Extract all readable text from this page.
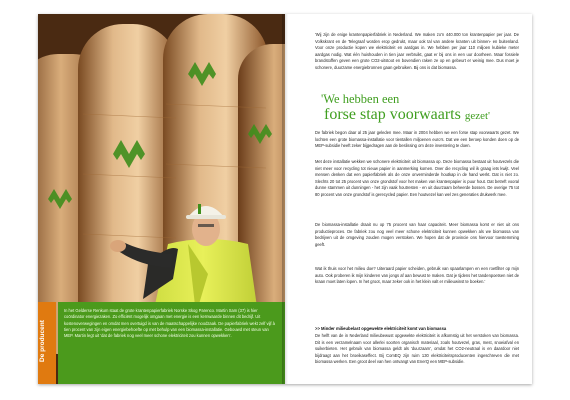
De producent

In het Gelderse Renkum staat de grote krantenpapierfabriek Norske Skog Parenco. Martin Sam (37) is hier coördinator energiezaken. Zo efficiënt mogelijk omgaan met energie is een kernwaarde binnen dit bedrijf. Uit kostenoverwegingen en omdat men overtuigd is van de maatschappelijke noodzaak. De papierfabriek wekt zelf vijf à tien procent van zijn eigen energiebehoefte op met behulp van een biomassa-installatie. Gebouwd met steun van MEP. Martin legt uit 'dat de fabriek nog veel meer schone elektriciteit zou kunnen opwekken'.

'Wij zijn de enige krantenpapierfabriek in Nederland. We maken zo'n 440.000 ton krantenpapier per jaar. De Volkskrant en de Telegraaf worden erop gedrukt, maar ook tal van andere kranten uit binnen- en buitenland. Voor onze productie kopen we elektriciteit en aardgas in. We hebben per jaar 110 miljoen kubieke meter aardgas nodig. Wat één huishouden in tien jaar verbruikt, gaat er bij ons in een uur doorheen. Maar fossiele brandstoffen geven een grote CO2-uitstoot en bovendien raken ze op en gebeurt er weinig mee. Dus moet je schonere, duurzame energiebronnen gaan gebruiken. Bij ons is dat biomassa.

'We hebben een
forse stap voorwaarts gezet'

De fabriek begon daar al 25 jaar geleden mee. Maar in 2004 hebben we een forse stap voorwaarts gezet. We lochten een grote biomassa-installatie voor tientallen miljoenen euro's. Dat we een beroep konden doen op de MEP-subsidie heeft zeker bijgedragen aan de beslissing om deze investering te doen.

Met deze installatie wekken we schonere elektriciteit uit biomassa op. Deze biomassa bestaat uit houtvezels die niet meer voor recycling tot nieuw papier in aanmerking komen. Over die recycling wil ik graag iets kwijt. Veel mensen denken dat een papierfabriek als de onze onverminderde houtkap in de hand werkt. Dat is niet zo. Slechts 20 tot 25 procent van onze grondstof voor het maken van krantenpapier is puur hout. Dat betreft vooral dunne stammen uit dunningen - het zijn vaak houtresten - en uit duurzaam beheerde bossen. De overige 75 tot 80 procent van onze grondstof is gerecycled papier. Een houtvezel kan wel zes generaties drukwerk mee.

De biomassa-installatie draait nu op 75 procent van haar capaciteit. Meer biomassa komt er niet uit ons productieproces. De fabriek zou nog veel meer schone elektriciteit kunnen opwekken als we biomassa van bedrijven uit de omgeving zouden mogen verstoken. We hopen dat de provincie ons hiervoor toestemming geeft.

Wat ik thuis voor het milieu doe? Uiteraard papier scheiden, gebruik van spaarlampen en een roetfilter op mijn auto. Ook proberen ik mijn kinderen van jongs af aan bewust te maken. Dat je tijdens het tandenpoetsen niet de kraan moet laten lopen. In het groot, maar zeker ook in het klein valt er milieuwinst te boeken.'

>> Minder milieubelast opgewekte elektriciteit komt van biomassa

De helft van de in Nederland milieubewust opgewekte elektriciteit is afkomstig uit het verstoken van biomassa. Dit is een verzamelnaam voor allerlei soorten organisch materiaal, zoals houtvezel, gras, mest, snoeiafval en suikerbieten. Het gebruik van biomassa geldt als 'duurzaam', omdat het CO2-neutraal is en daardoor niet bijdraagt aan het broeikaseffect. Bij ComEQ zijn ruim 130 elektriciteitsproducenten ingeschreven die met biomassa werken. Een groot deel van hen ontvangt van EnerQ een MEP-subsidie.
